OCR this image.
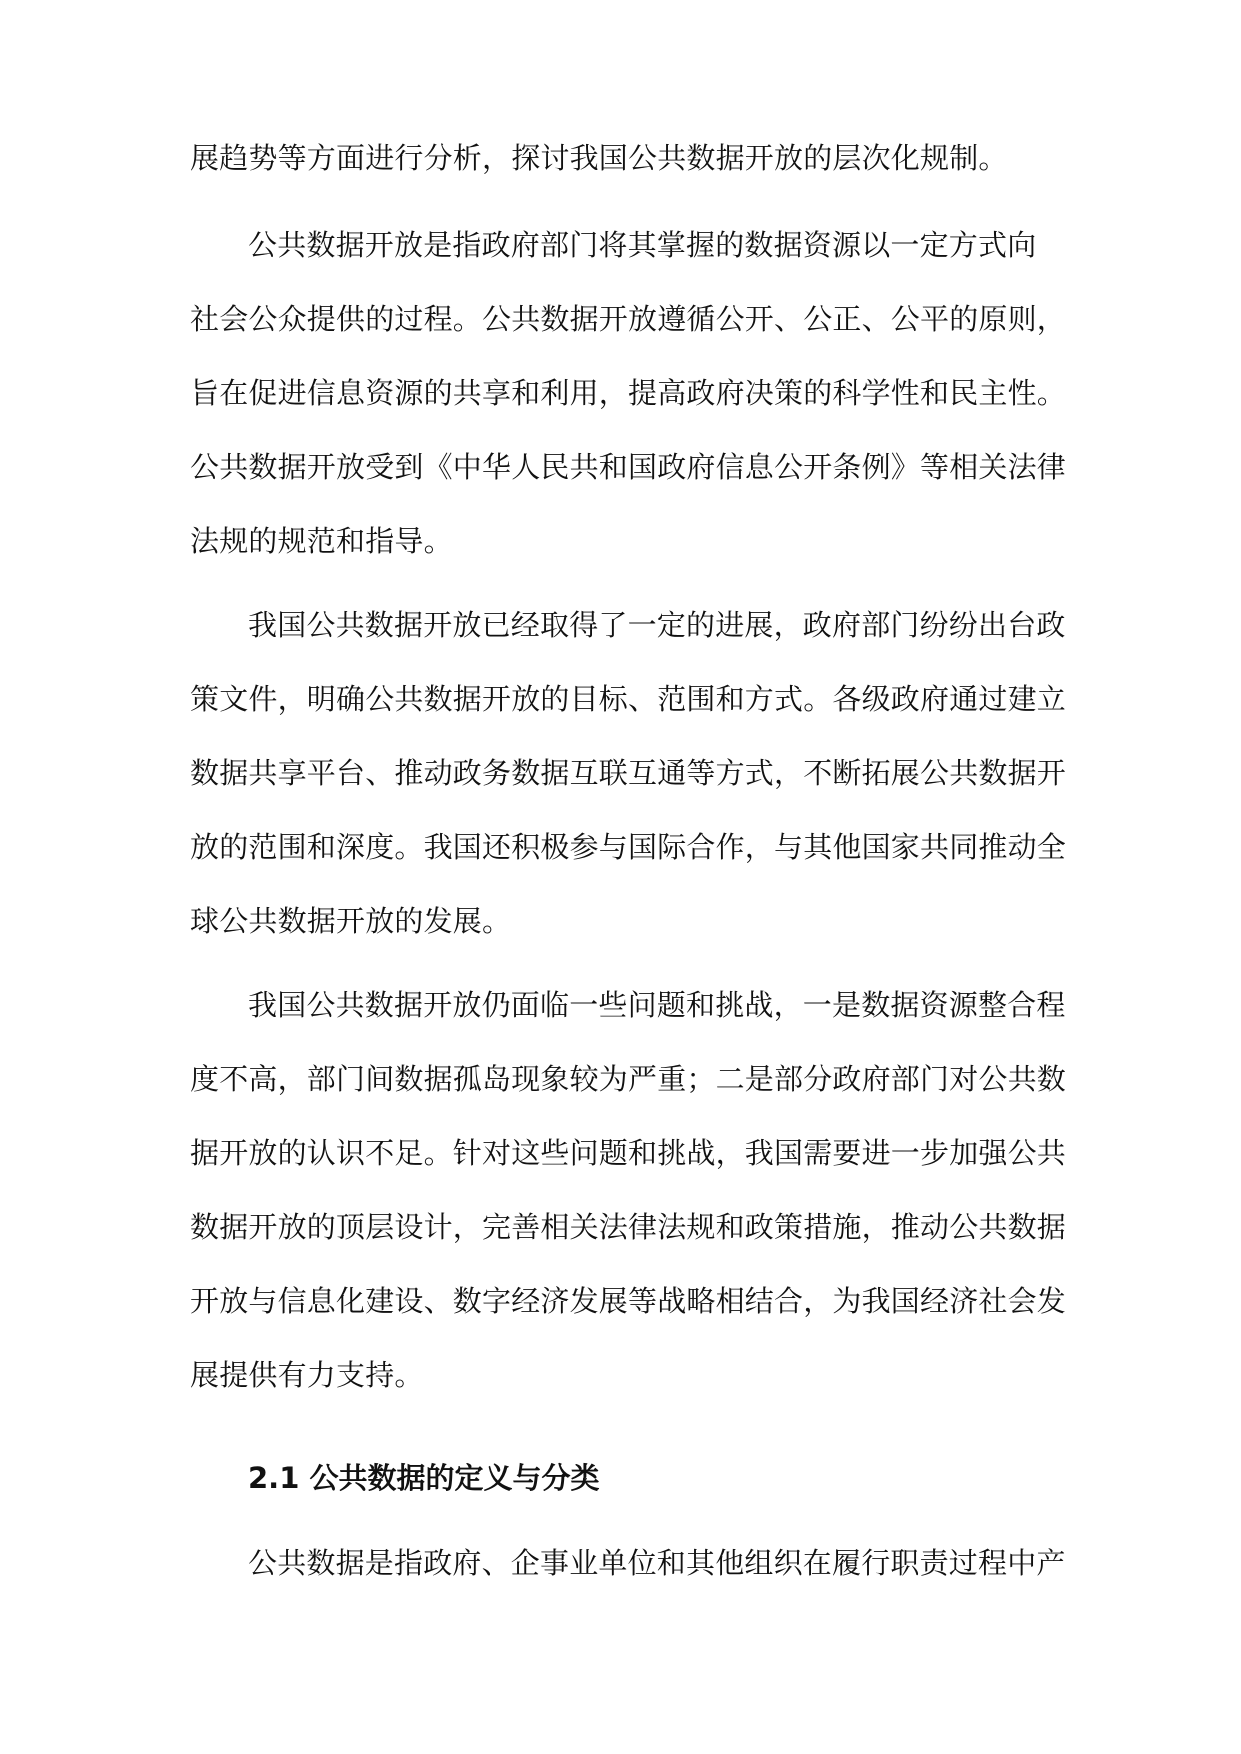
展趋势等方面进行分析，探讨我国公共数据开放的层次化规制。
公共数据开放是指政府部门将其掌握的数据资源以一定方式向
社会公众提供的过程。公共数据开放遵循公开、公正、公平的原则，
旨在促进信息资源的共享和利用，提高政府决策的科学性和民主性。
公共数据开放受到《中华人民共和国政府信息公开条例》等相关法律
法规的规范和指导。
我国公共数据开放已经取得了一定的进展，政府部门纷纷出台政
策文件，明确公共数据开放的目标、范围和方式。各级政府通过建立
数据共享平台、推动政务数据互联互通等方式，不断拓展公共数据开
放的范围和深度。我国还积极参与国际合作，与其他国家共同推动全
球公共数据开放的发展。
我国公共数据开放仍面临一些问题和挑战，一是数据资源整合程
度不高，部门间数据孤岛现象较为严重；二是部分政府部门对公共数
据开放的认识不足。针对这些问题和挑战，我国需要进一步加强公共
数据开放的顶层设计，完善相关法律法规和政策措施，推动公共数据
开放与信息化建设、数字经济发展等战略相结合，为我国经济社会发
展提供有力支持。
2.1 公共数据的定义与分类
公共数据是指政府、企事业单位和其他组织在履行职责过程中产
